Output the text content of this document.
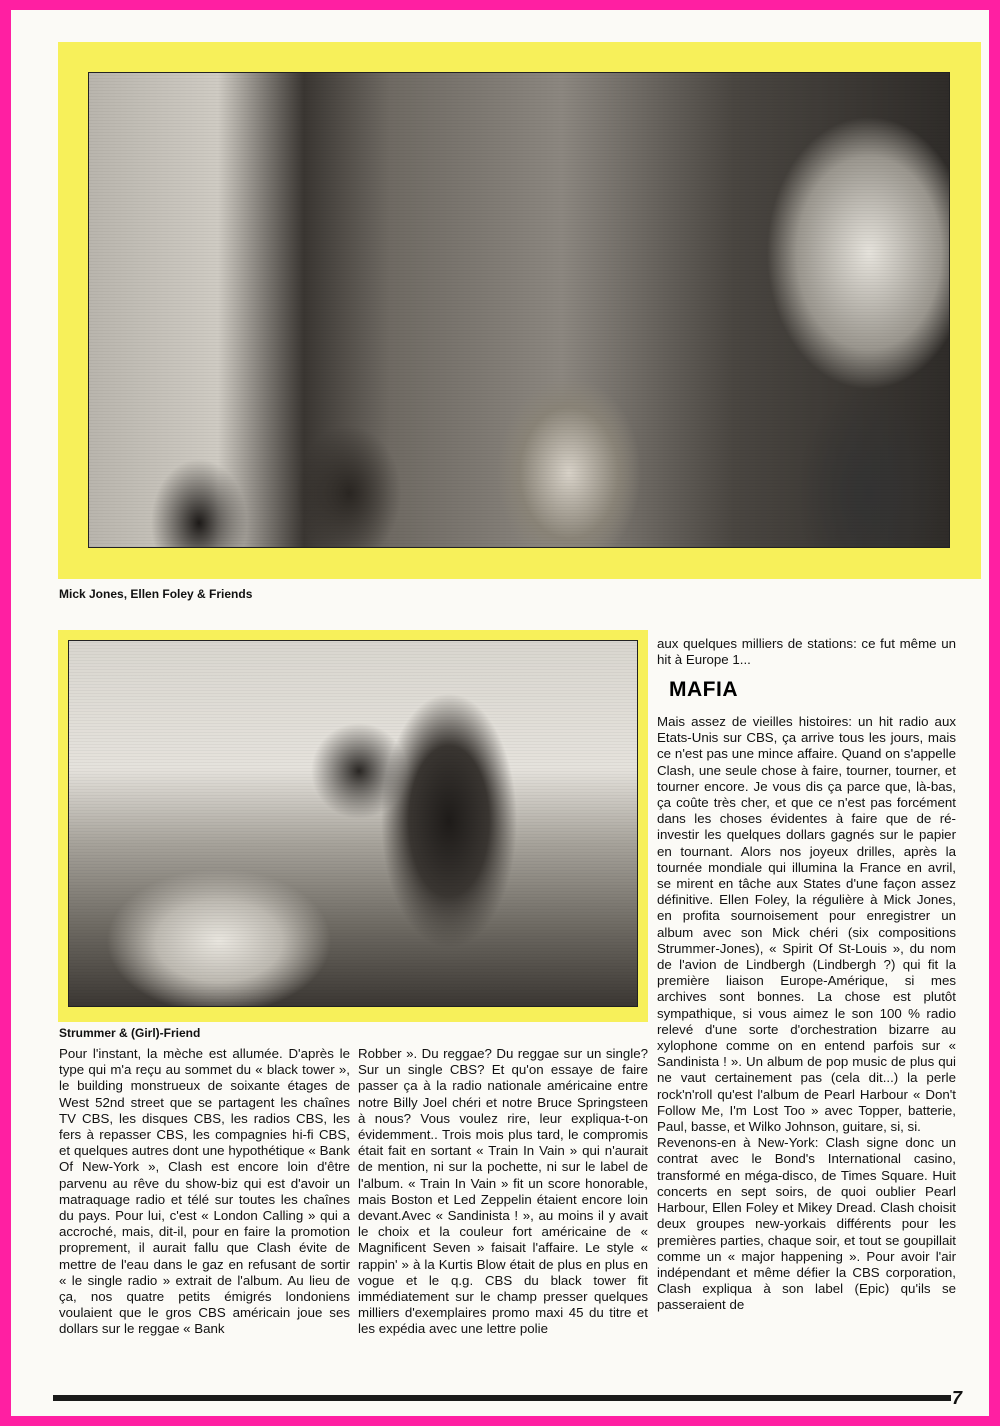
Mick Jones, Ellen Foley & Friends
Strummer & (Girl)-Friend

Pour l'instant, la mèche est allumée. D'après le type qui m'a reçu au sommet du « black tower », le building monstrueux de soixante étages de West 52nd street que se partagent les chaînes TV CBS, les disques CBS, les radios CBS, les fers à repasser CBS, les compagnies hi-fi CBS, et quelques autres dont une hypothétique « Bank Of New-York », Clash est encore loin d'être parvenu au rêve du show-biz qui est d'avoir un matraquage radio et télé sur toutes les chaînes du pays. Pour lui, c'est « London Calling » qui a accroché, mais, dit-il, pour en faire la promotion proprement, il aurait fallu que Clash évite de mettre de l'eau dans le gaz en refusant de sortir « le single radio » extrait de l'album. Au lieu de ça, nos quatre petits émigrés londoniens voulaient que le gros CBS américain joue ses dollars sur le reggae « Bank

Robber ». Du reggae? Du reggae sur un single? Sur un single CBS? Et qu'on essaye de faire passer ça à la radio nationale américaine entre notre Billy Joel chéri et notre Bruce Springsteen à nous? Vous voulez rire, leur expliqua-t-on évidemment.. Trois mois plus tard, le compromis était fait en sortant « Train In Vain » qui n'aurait de mention, ni sur la pochette, ni sur le label de l'album. « Train In Vain » fit un score honorable, mais Boston et Led Zeppelin étaient encore loin devant.Avec « Sandinista ! », au moins il y avait le choix et la couleur fort américaine de « Magnificent Seven » faisait l'affaire. Le style « rappin' » à la Kurtis Blow était de plus en plus en vogue et le q.g. CBS du black tower fit immédiatement sur le champ presser quelques milliers d'exemplaires promo maxi 45 du titre et les expédia avec une lettre polie

aux quelques milliers de stations: ce fut même un hit à Europe 1...

MAFIA

Mais assez de vieilles histoires: un hit radio aux Etats-Unis sur CBS, ça arrive tous les jours, mais ce n'est pas une mince affaire. Quand on s'appelle Clash, une seule chose à faire, tourner, tourner, et tourner encore. Je vous dis ça parce que, là-bas, ça coûte très cher, et que ce n'est pas forcément dans les choses évidentes à faire que de ré-investir les quelques dollars gagnés sur le papier en tournant. Alors nos joyeux drilles, après la tournée mondiale qui illumina la France en avril, se mirent en tâche aux States d'une façon assez définitive. Ellen Foley, la régulière à Mick Jones, en profita sournoisement pour enregistrer un album avec son Mick chéri (six compositions Strummer-Jones), « Spirit Of St-Louis », du nom de l'avion de Lindbergh (Lindbergh ?) qui fit la première liaison Europe-Amérique, si mes archives sont bonnes. La chose est plutôt sympathique, si vous aimez le son 100 % radio relevé d'une sorte d'orchestration bizarre au xylophone comme on en entend parfois sur « Sandinista ! ». Un album de pop music de plus qui ne vaut certainement pas (cela dit...) la perle rock'n'roll qu'est l'album de Pearl Harbour « Don't Follow Me, I'm Lost Too » avec Topper, batterie, Paul, basse, et Wilko Johnson, guitare, si, si.

Revenons-en à New-York: Clash signe donc un contrat avec le Bond's International casino, transformé en méga-disco, de Times Square. Huit concerts en sept soirs, de quoi oublier Pearl Harbour, Ellen Foley et Mikey Dread. Clash choisit deux groupes new-yorkais différents pour les premières parties, chaque soir, et tout se goupillait comme un « major happening ». Pour avoir l'air indépendant et même défier la CBS corporation, Clash expliqua à son label (Epic) qu'ils se passeraient de

7
